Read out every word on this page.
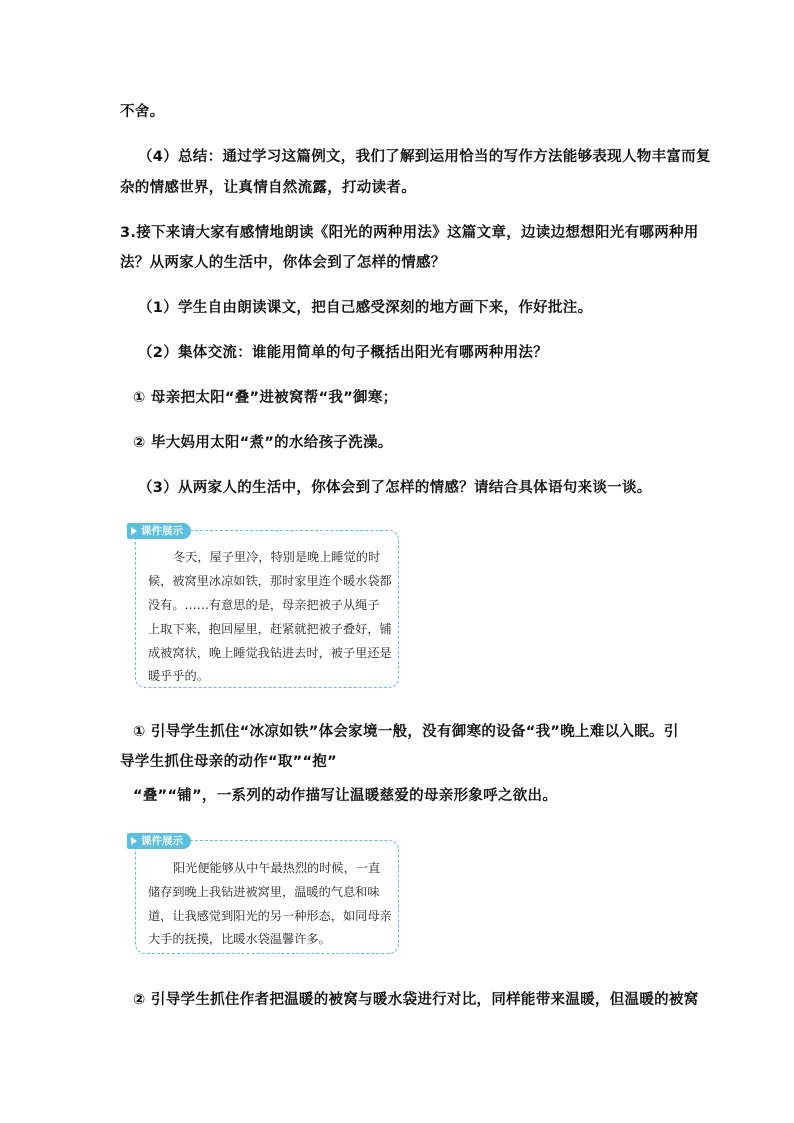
不舍。
（4）总结：通过学习这篇例文，我们了解到运用恰当的写作方法能够表现人物丰富而复
杂的情感世界，让真情自然流露，打动读者。
3.接下来请大家有感情地朗读《阳光的两种用法》这篇文章，边读边想想阳光有哪两种用
法？从两家人的生活中，你体会到了怎样的情感？
（1）学生自由朗读课文，把自己感受深刻的地方画下来，作好批注。
（2）集体交流：谁能用简单的句子概括出阳光有哪两种用法？
① 母亲把太阳“叠”进被窝帮“我”御寒；
② 毕大妈用太阳“煮”的水给孩子洗澡。
（3）从两家人的生活中，你体会到了怎样的情感？请结合具体语句来谈一谈。
课件展示
冬天，屋子里冷，特别是晚上睡觉的时
候，被窝里冰凉如铁，那时家里连个暖水袋都
没有。……有意思的是，母亲把被子从绳子
上取下来，抱回屋里，赶紧就把被子叠好，铺
成被窝状，晚上睡觉我钻进去时，被子里还是
暖乎乎的。
① 引导学生抓住“冰凉如铁”体会家境一般，没有御寒的设备“我”晚上难以入眠。引
导学生抓住母亲的动作“取”“抱”
“叠”“铺”，一系列的动作描写让温暖慈爱的母亲形象呼之欲出。
课件展示
阳光便能够从中午最热烈的时候，一直
储存到晚上我钻进被窝里，温暖的气息和味
道，让我感觉到阳光的另一种形态，如同母亲
大手的抚摸，比暖水袋温馨许多。
② 引导学生抓住作者把温暖的被窝与暖水袋进行对比，同样能带来温暖，但温暖的被窝
